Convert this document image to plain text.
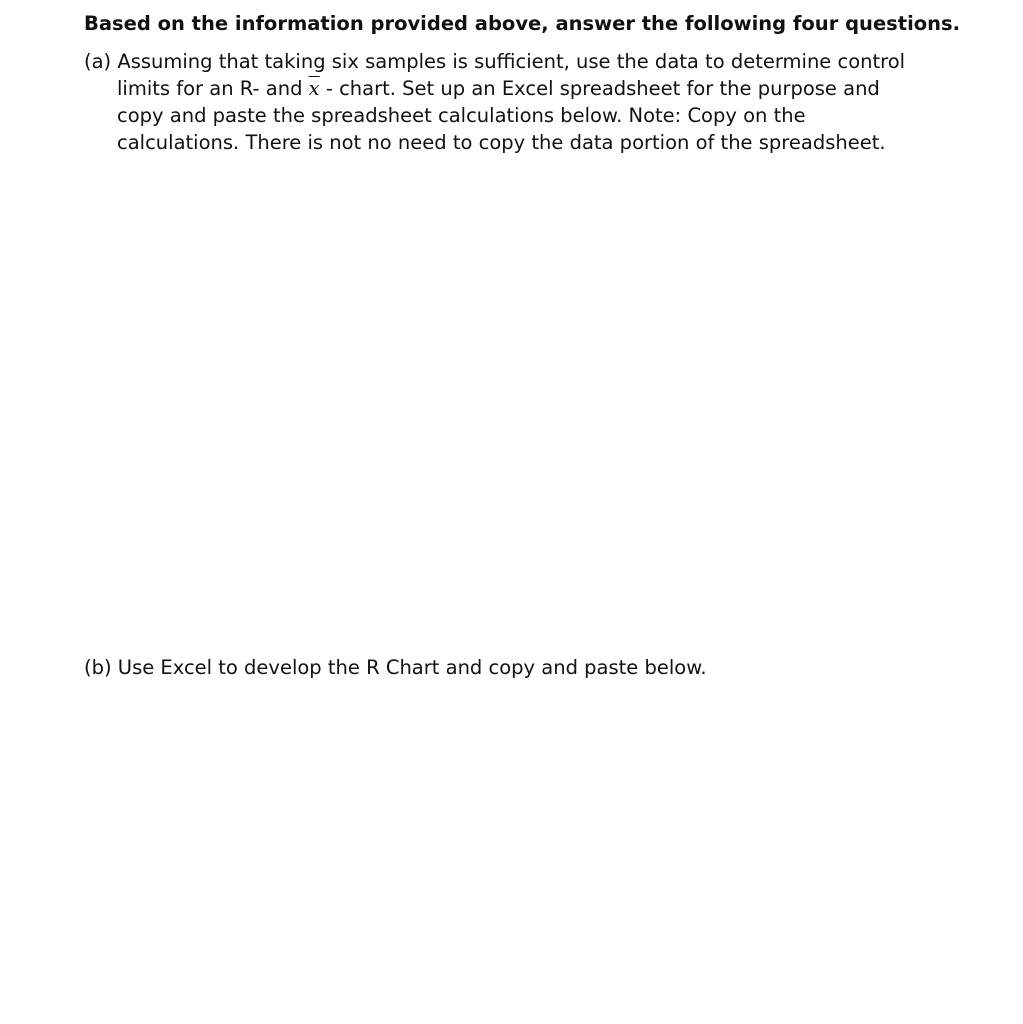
Based on the information provided above, answer the following four questions.
(a) Assuming that taking six samples is sufficient, use the data to determine control
limits for an R- and $\overline{x}$ - chart. Set up an Excel spreadsheet for the purpose and
copy and paste the spreadsheet calculations below. Note: Copy on the
calculations. There is not no need to copy the data portion of the spreadsheet.
(b) Use Excel to develop the R Chart and copy and paste below.
